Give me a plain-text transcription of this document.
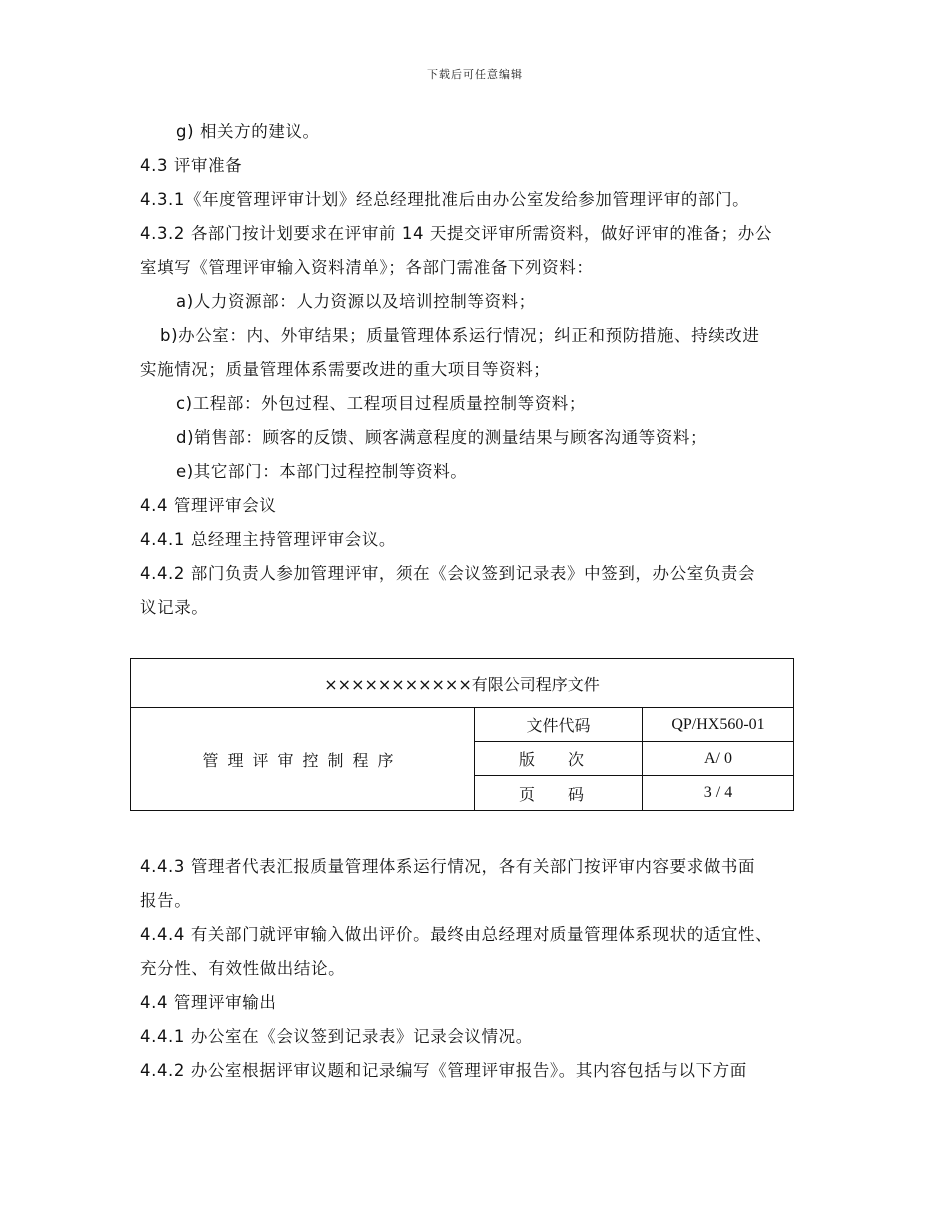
下载后可任意编辑
g) 相关方的建议。
4.3 评审准备
4.3.1《年度管理评审计划》经总经理批准后由办公室发给参加管理评审的部门。
4.3.2 各部门按计划要求在评审前 14 天提交评审所需资料，做好评审的准备；办公
室填写《管理评审输入资料清单》；各部门需准备下列资料：
a)人力资源部：人力资源以及培训控制等资料；
b)办公室：内、外审结果；质量管理体系运行情况；纠正和预防措施、持续改进
实施情况；质量管理体系需要改进的重大项目等资料；
c)工程部：外包过程、工程项目过程质量控制等资料；
d)销售部：顾客的反馈、顾客满意程度的测量结果与顾客沟通等资料；
e)其它部门：本部门过程控制等资料。
4.4 管理评审会议
4.4.1 总经理主持管理评审会议。
4.4.2 部门负责人参加管理评审，须在《会议签到记录表》中签到，办公室负责会
议记录。
×××××××××××有限公司程序文件		
管理评审控制程序	文件代码	QP/HX560-01
	版 次	A/ 0
	页 码	3 / 4
4.4.3 管理者代表汇报质量管理体系运行情况，各有关部门按评审内容要求做书面
报告。
4.4.4 有关部门就评审输入做出评价。最终由总经理对质量管理体系现状的适宜性、
充分性、有效性做出结论。
4.4 管理评审输出
4.4.1 办公室在《会议签到记录表》记录会议情况。
4.4.2 办公室根据评审议题和记录编写《管理评审报告》。其内容包括与以下方面
